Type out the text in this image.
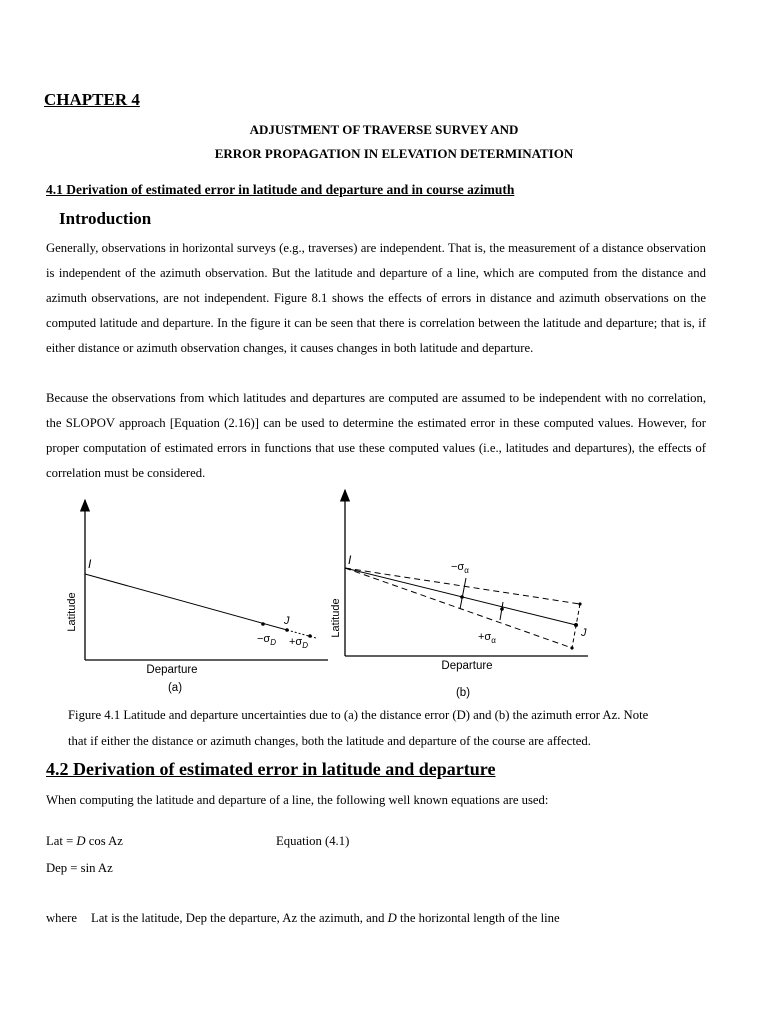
CHAPTER 4
ADJUSTMENT OF TRAVERSE SURVEY AND
ERROR PROPAGATION IN ELEVATION DETERMINATION
4.1 Derivation of estimated error in latitude and departure and in course azimuth
Introduction
Generally, observations in horizontal surveys (e.g., traverses) are independent. That is, the measurement of a distance observation is independent of the azimuth observation. But the latitude and departure of a line, which are computed from the distance and azimuth observations, are not independent. Figure 8.1 shows the effects of errors in distance and azimuth observations on the computed latitude and departure. In the figure it can be seen that there is correlation between the latitude and departure; that is, if either distance or azimuth observation changes, it causes changes in both latitude and departure.
Because the observations from which latitudes and departures are computed are assumed to be independent with no correlation, the SLOPOV approach [Equation (2.16)] can be used to determine the estimated error in these computed values. However, for proper computation of estimated errors in functions that use these computed values (i.e., latitudes and departures), the effects of correlation must be considered.
Latitude
Departure
(a)
I
J
$-\sigma_D +\sigma_D$
Latitude
Departure
(b)
I
J
$-\sigma_\alpha$
$+\sigma_\alpha$
Figure 4.1 Latitude and departure uncertainties due to (a) the distance error (D) and (b) the azimuth error Az. Note
that if either the distance or azimuth changes, both the latitude and departure of the course are affected.
4.2 Derivation of estimated error in latitude and departure
When computing the latitude and departure of a line, the following well known equations are used:
Lat = D cos Az	Equation (4.1)
Dep = sin Az
where Lat is the latitude, Dep the departure, Az the azimuth, and D the horizontal length of the line
